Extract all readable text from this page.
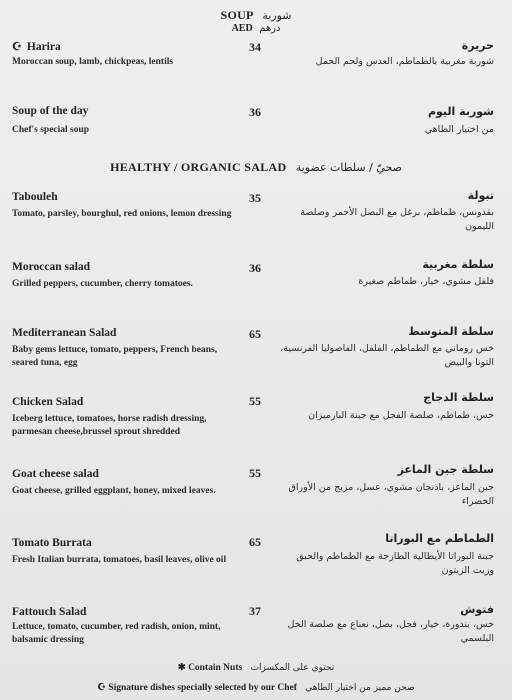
SOUP شوربة
AED درهم
☪ Harira	34
Moroccan soup, lamb, chickpeas, lentils
حريرة
شوربة مغربية بالطماطم، العدس ولحم الحمل
Soup of the day	36
Chef's special soup
شوربة اليوم
من اختيار الطاهي
HEALTHY / ORGANIC SALAD صحيّ / سلطات عضوية
Tabouleh	35
Tomato, parsley, bourghul, red onions, lemon dressing
تبولة
بقدونس، طماطم، برغل مع البصل الأحمر وصلصة الليمون
Moroccan salad	36
Grilled peppers, cucumber, cherry tomatoes.
سلطة مغربية
فلفل مشوي، خيار، طماطم صغيرة
Mediterranean Salad	65
Baby gems lettuce, tomato, peppers, French beans, seared tuna, egg
سلطة المتوسط
خس روماني مع الطماطم، الفلفل، الفاصوليا الفرنسية، التونا والبيض
Chicken Salad	55
Iceberg lettuce, tomatoes, horse radish dressing, parmesan cheese,brussel sprout shredded
سلطة الدجاج
خس، طماطم، صلصة الفجل مع جبنة البارميزان
Goat cheese salad	55
Goat cheese, grilled eggplant, honey, mixed leaves.
سلطة جبن الماعز
جبن الماعز، باذنجان مشوي، عسل، مزيج من الأوراق الخضراء
Tomato Burrata	65
Fresh Italian burrata, tomatoes, basil leaves, olive oil
الطماطم مع البوراتا
جبنة البوراتا الأيطالية الطازجة مع الطماطم والحبق وزيت الزيتون
Fattouch Salad	37
Lettuce, tomato, cucumber, red radish, onion, mint, balsamic dressing
فتوش
خس، بندورة، خيار، فجل، بصل، نعناع مع صلصة الخل البلسمي
✱ Contain Nuts تحتوي على المكسرات
☪ Signature dishes specially selected by our Chef صحن مميز من اختيار الطاهي
